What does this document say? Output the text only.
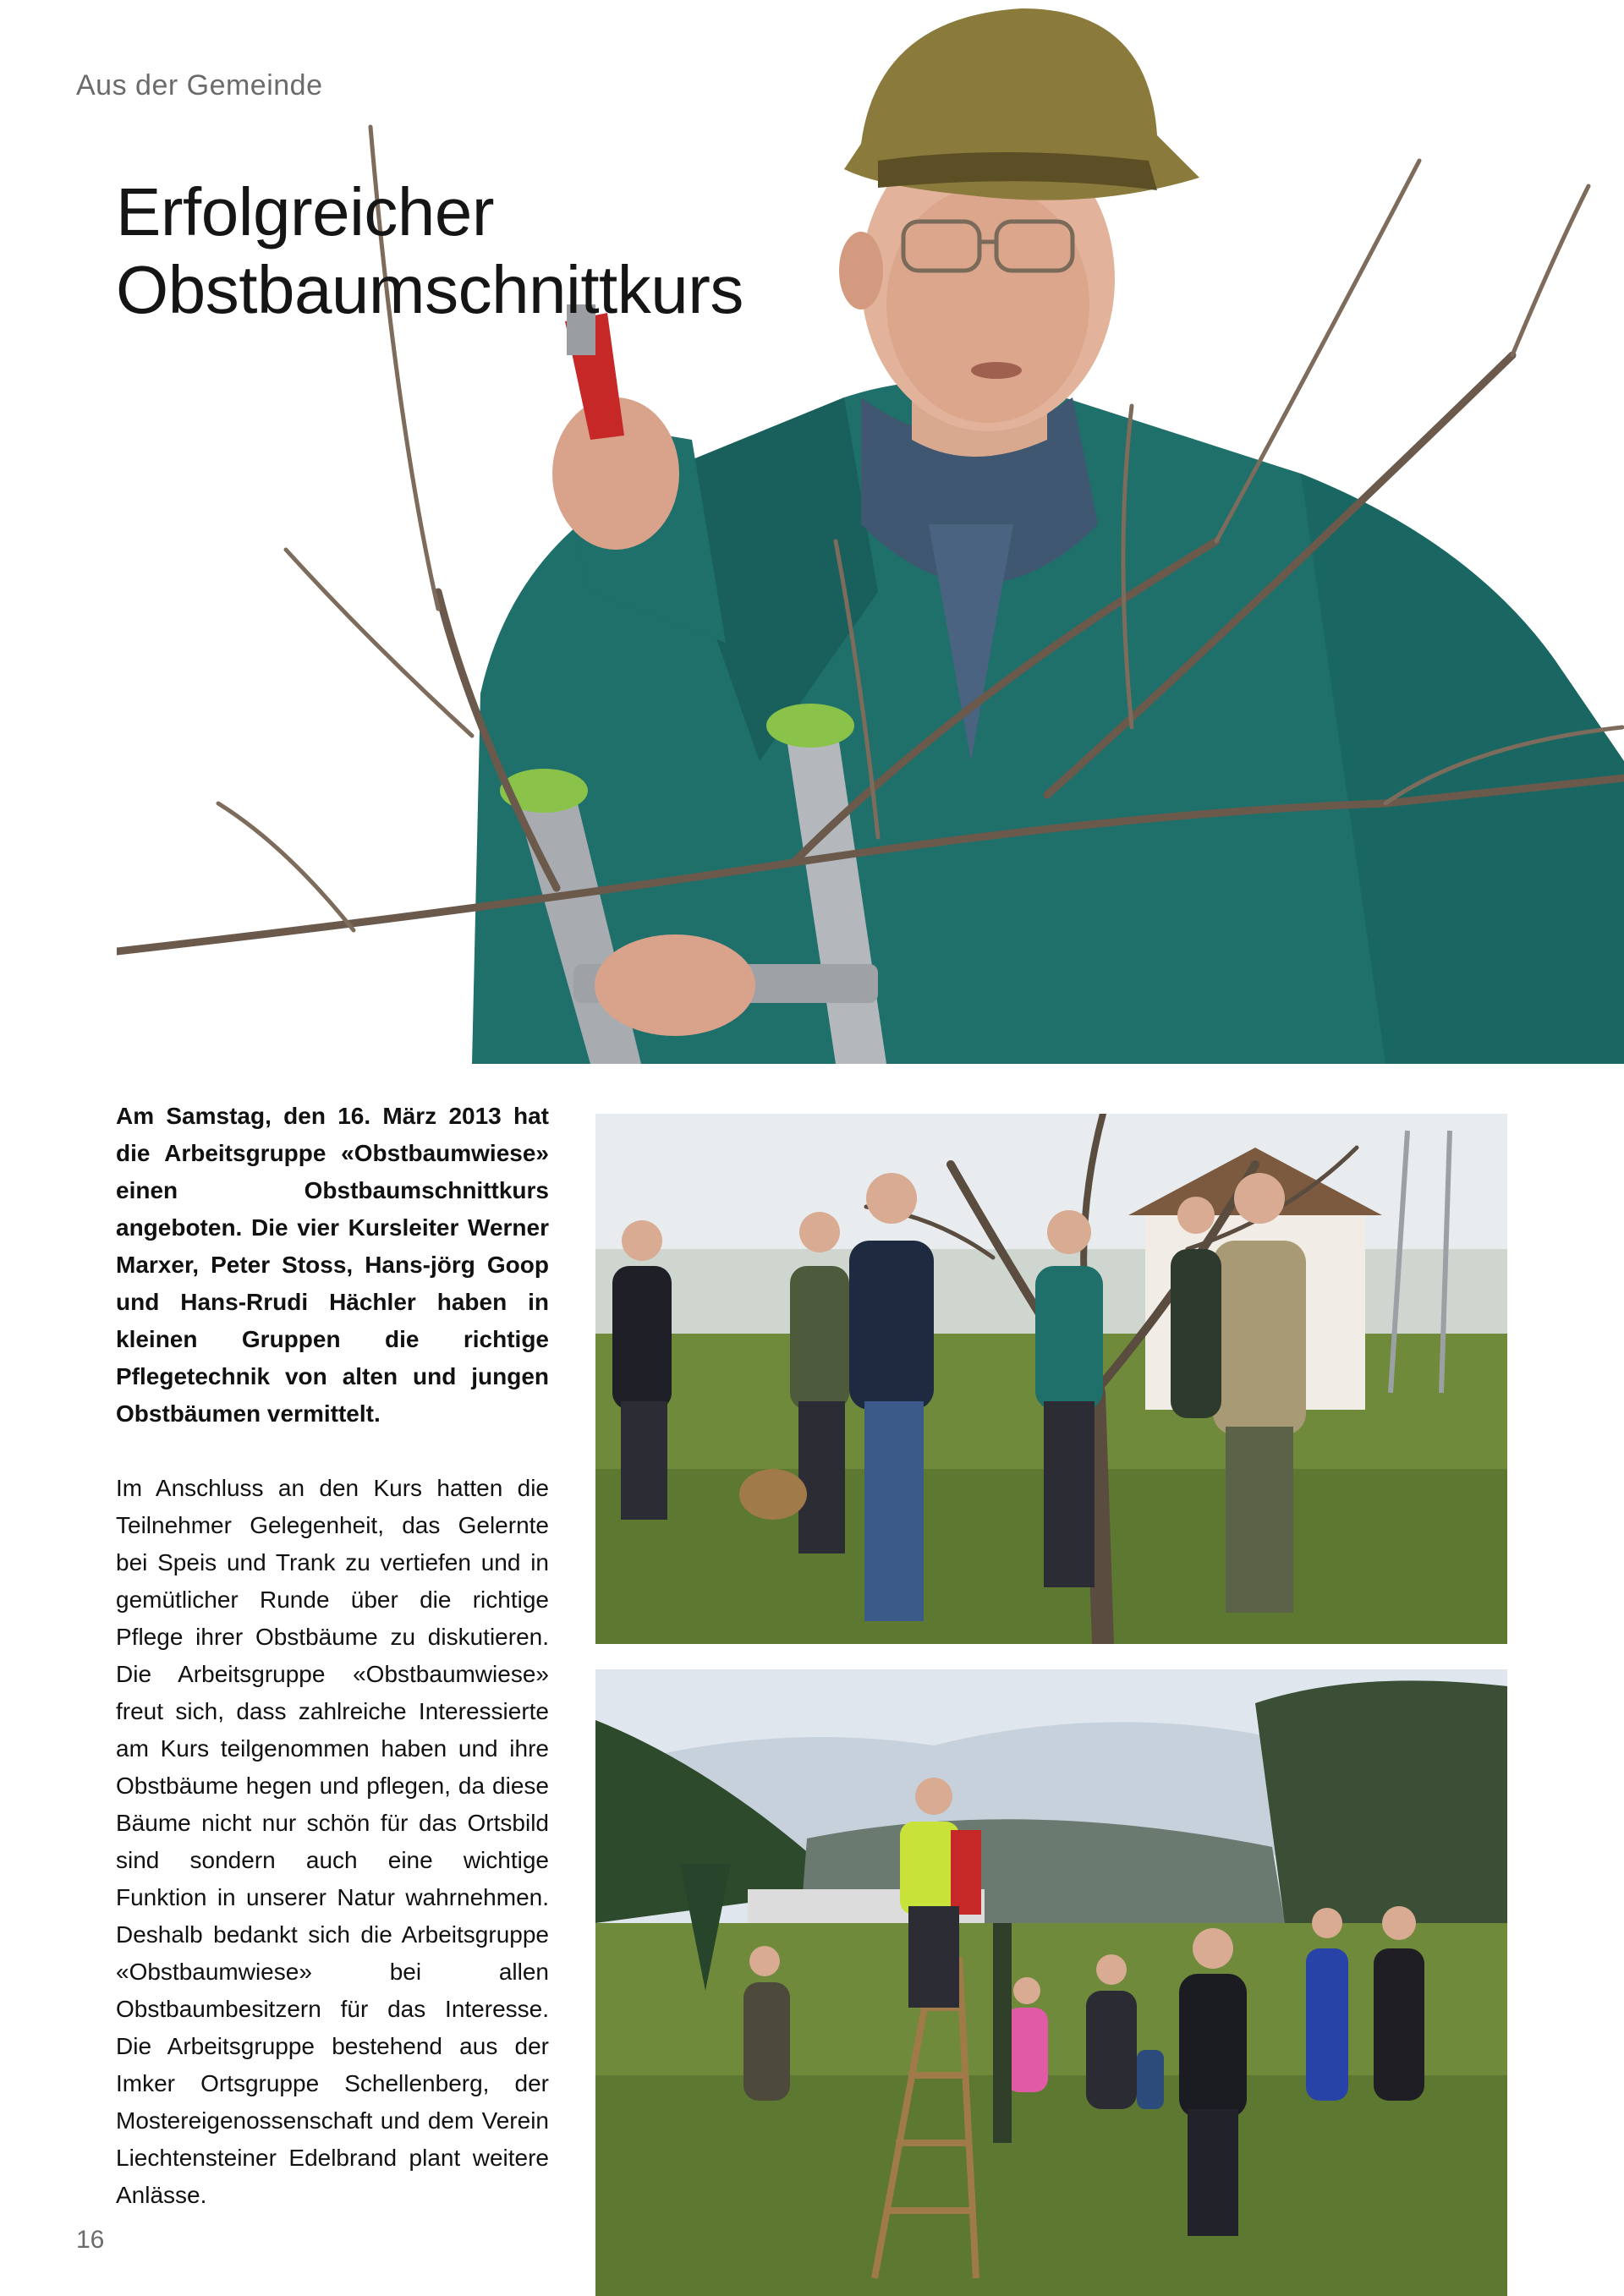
Aus der Gemeinde
Erfolgreicher
Obstbaumschnittkurs

Am Samstag, den 16. März 2013 hat die Arbeitsgruppe «Obstbaumwiese» einen Obstbaumschnittkurs angeboten. Die vier Kursleiter Werner Marxer, Peter Stoss, Hans-jörg Goop und Hans-Rrudi Hächler haben in kleinen Gruppen die richtige Pflegetechnik von alten und jungen Obstbäumen vermittelt.

Im Anschluss an den Kurs hatten die Teilnehmer Gelegenheit, das Gelernte bei Speis und Trank zu vertiefen und in gemütlicher Runde über die richtige Pflege ihrer Obstbäume zu diskutieren. Die Arbeitsgruppe «Obstbaumwiese» freut sich, dass zahlreiche Interessierte am Kurs teilgenommen haben und ihre Obstbäume hegen und pflegen, da diese Bäume nicht nur schön für das Ortsbild sind sondern auch eine wichtige Funktion in unserer Natur wahrnehmen. Deshalb bedankt sich die Arbeitsgruppe «Obstbaumwiese» bei allen Obstbaumbesitzern für das Interesse. Die Arbeitsgruppe bestehend aus der Imker Ortsgruppe Schellenberg, der Mostereigenossenschaft und dem Verein Liechtensteiner Edelbrand plant weitere Anlässe.

16
